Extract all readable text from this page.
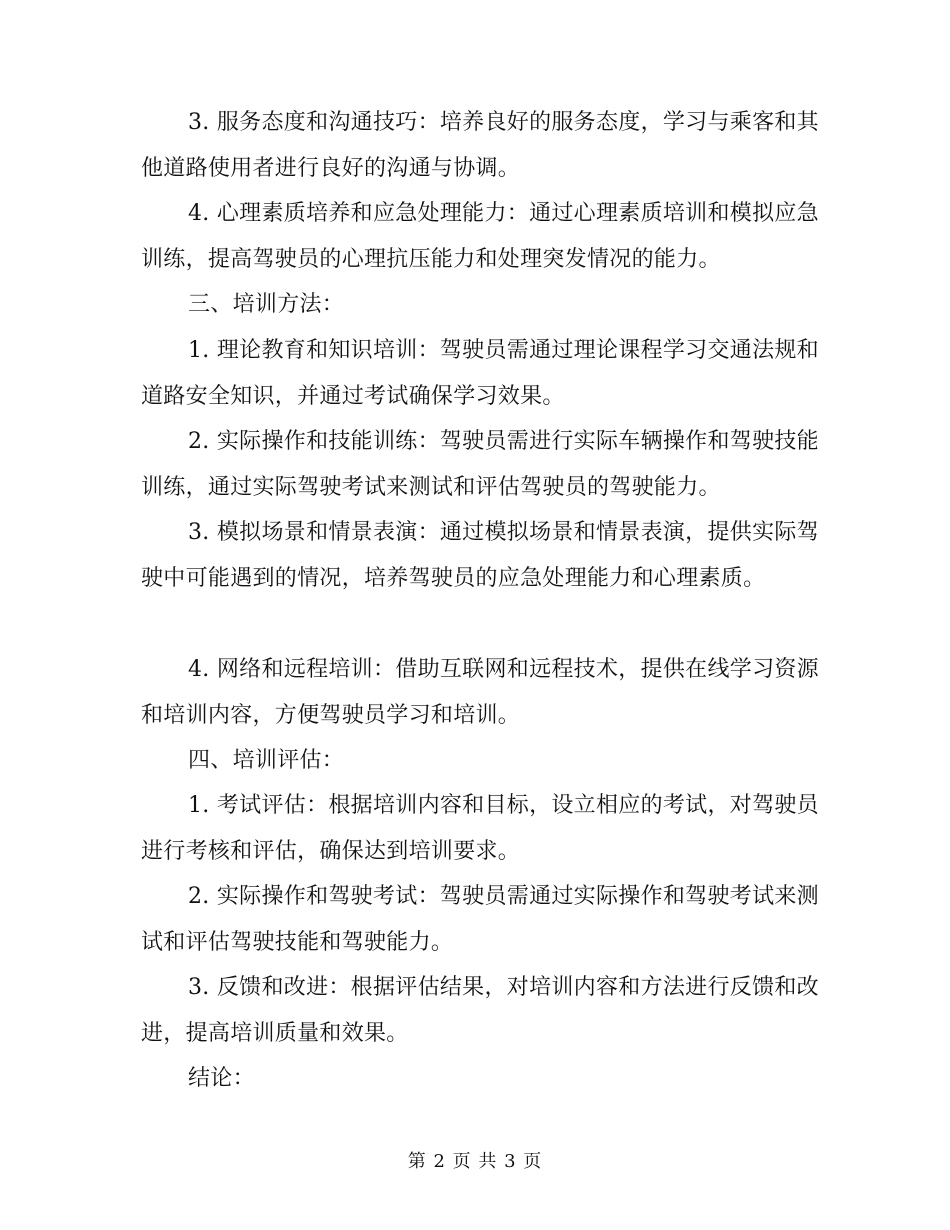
3. 服务态度和沟通技巧：培养良好的服务态度，学习与乘客和其他道路使用者进行良好的沟通与协调。

4. 心理素质培养和应急处理能力：通过心理素质培训和模拟应急训练，提高驾驶员的心理抗压能力和处理突发情况的能力。

三、培训方法：

1. 理论教育和知识培训：驾驶员需通过理论课程学习交通法规和道路安全知识，并通过考试确保学习效果。

2. 实际操作和技能训练：驾驶员需进行实际车辆操作和驾驶技能训练，通过实际驾驶考试来测试和评估驾驶员的驾驶能力。

3. 模拟场景和情景表演：通过模拟场景和情景表演，提供实际驾驶中可能遇到的情况，培养驾驶员的应急处理能力和心理素质。

4. 网络和远程培训：借助互联网和远程技术，提供在线学习资源和培训内容，方便驾驶员学习和培训。

四、培训评估：

1. 考试评估：根据培训内容和目标，设立相应的考试，对驾驶员进行考核和评估，确保达到培训要求。

2. 实际操作和驾驶考试：驾驶员需通过实际操作和驾驶考试来测试和评估驾驶技能和驾驶能力。

3. 反馈和改进：根据评估结果，对培训内容和方法进行反馈和改进，提高培训质量和效果。

结论：

第 2 页 共 3 页
